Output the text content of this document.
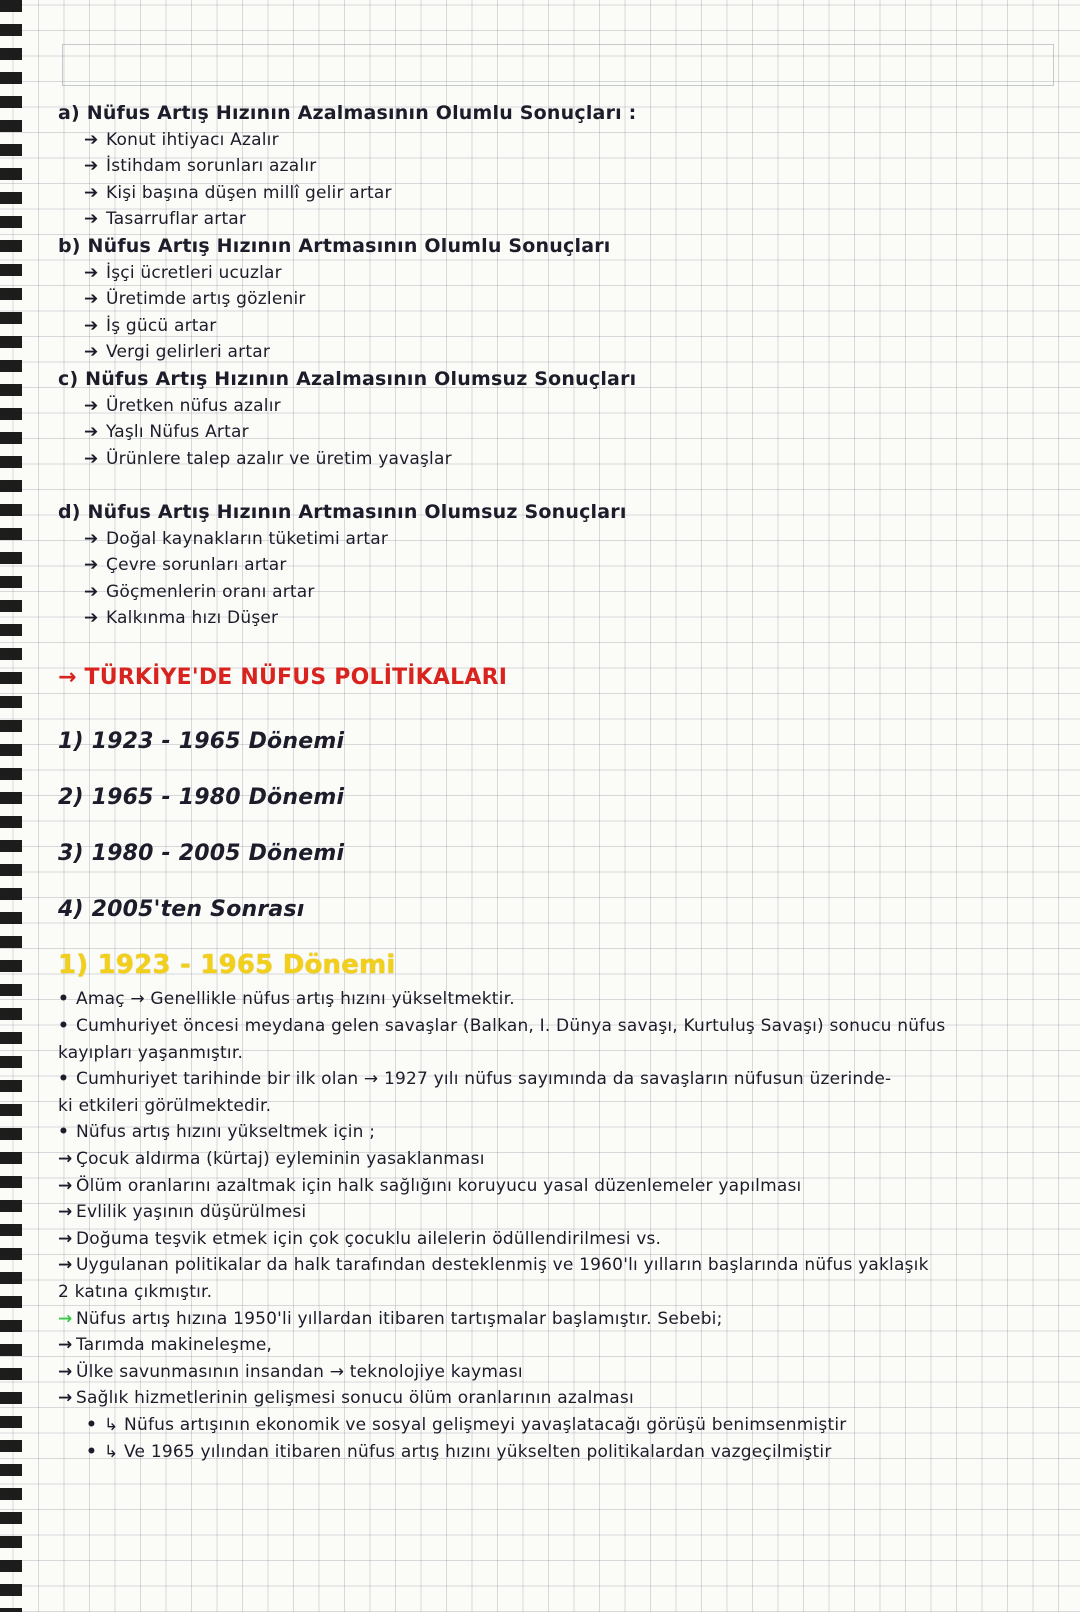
a) Nüfus Artış Hızının Azalmasının Olumlu Sonuçları :
➔ Konut ihtiyacı Azalır
➔ İstihdam sorunları azalır
➔ Kişi başına düşen millî gelir artar
➔ Tasarruflar artar
b) Nüfus Artış Hızının Artmasının Olumlu Sonuçları
➔ İşçi ücretleri ucuzlar
➔ Üretimde artış gözlenir
➔ İş gücü artar
➔ Vergi gelirleri artar
c) Nüfus Artış Hızının Azalmasının Olumsuz Sonuçları
➔ Üretken nüfus azalır
➔ Yaşlı Nüfus Artar
➔ Ürünlere talep azalır ve üretim yavaşlar
d) Nüfus Artış Hızının Artmasının Olumsuz Sonuçları
➔ Doğal kaynakların tüketimi artar
➔ Çevre sorunları artar
➔ Göçmenlerin oranı artar
➔ Kalkınma hızı Düşer
→ TÜRKİYE'DE NÜFUS POLİTİKALARI
1) 1923 - 1965 Dönemi
2) 1965 - 1980 Dönemi
3) 1980 - 2005 Dönemi
4) 2005'ten Sonrası
1) 1923 - 1965 Dönemi
• Amaç → Genellikle nüfus artış hızını yükseltmektir.
• Cumhuriyet öncesi meydana gelen savaşlar (Balkan, I. Dünya savaşı, Kurtuluş Savaşı) sonucu nüfus
kayıpları yaşanmıştır.
• Cumhuriyet tarihinde bir ilk olan → 1927 yılı nüfus sayımında da savaşların nüfusun üzerinde-
ki etkileri görülmektedir.
• Nüfus artış hızını yükseltmek için ;
→ Çocuk aldırma (kürtaj) eyleminin yasaklanması
→ Ölüm oranlarını azaltmak için halk sağlığını koruyucu yasal düzenlemeler yapılması
→ Evlilik yaşının düşürülmesi
→ Doğuma teşvik etmek için çok çocuklu ailelerin ödüllendirilmesi vs.
→ Uygulanan politikalar da halk tarafından desteklenmiş ve 1960'lı yılların başlarında nüfus yaklaşık
2 katına çıkmıştır.
→ Nüfus artış hızına 1950'li yıllardan itibaren tartışmalar başlamıştır. Sebebi;
→ Tarımda makineleşme,
→ Ülke savunmasının insandan → teknolojiye kayması
→ Sağlık hizmetlerinin gelişmesi sonucu ölüm oranlarının azalması
• ↳ Nüfus artışının ekonomik ve sosyal gelişmeyi yavaşlatacağı görüşü benimsenmiştir
• ↳ Ve 1965 yılından itibaren nüfus artış hızını yükselten politikalardan vazgeçilmiştir
